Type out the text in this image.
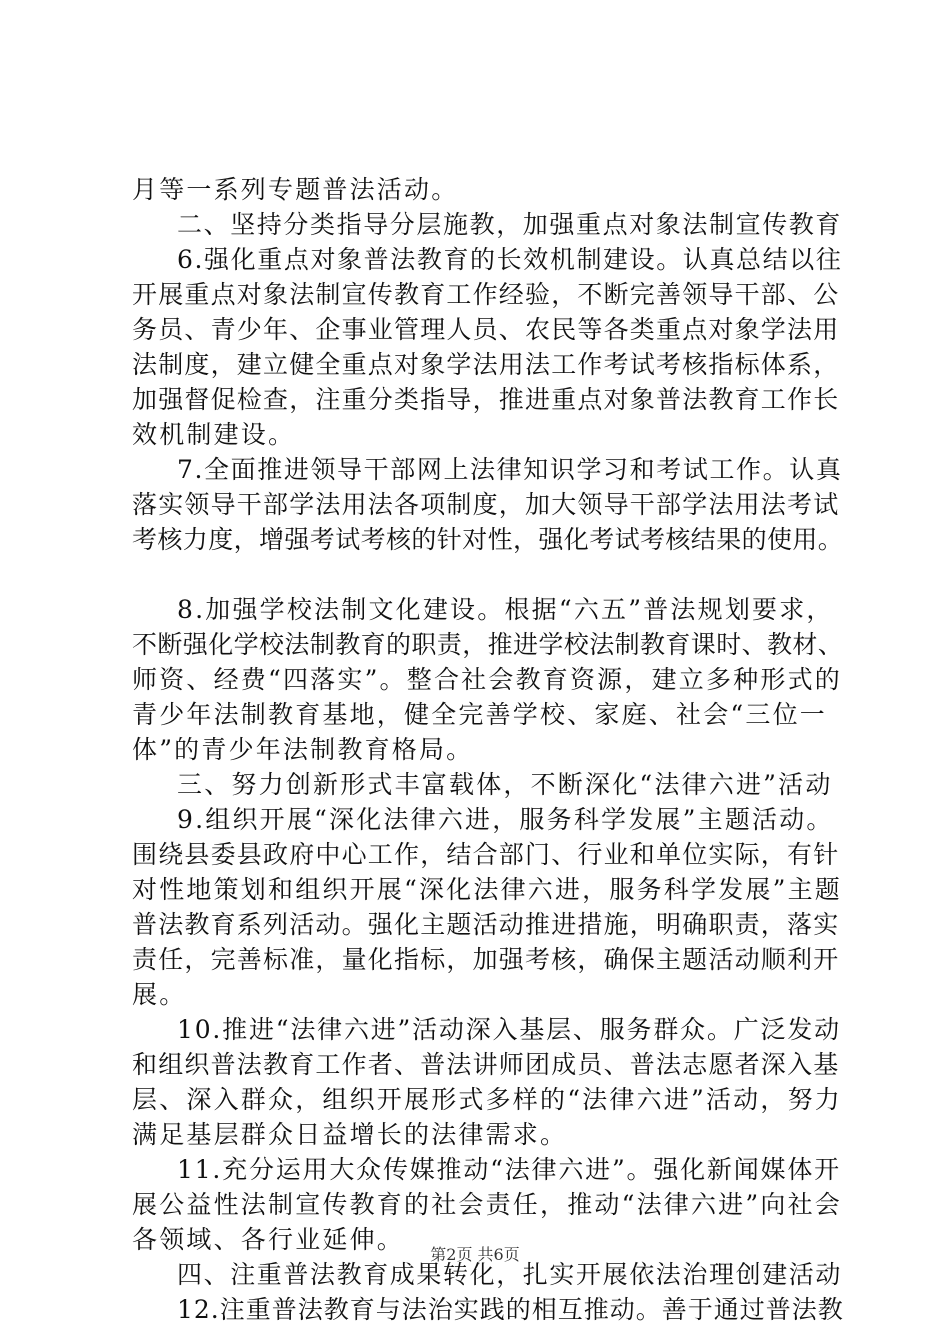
月等一系列专题普法活动。
二、坚持分类指导分层施教，加强重点对象法制宣传教育
6.强化重点对象普法教育的长效机制建设。认真总结以往
开展重点对象法制宣传教育工作经验，不断完善领导干部、公
务员、青少年、企事业管理人员、农民等各类重点对象学法用
法制度，建立健全重点对象学法用法工作考试考核指标体系，
加强督促检查，注重分类指导，推进重点对象普法教育工作长
效机制建设。
7.全面推进领导干部网上法律知识学习和考试工作。认真
落实领导干部学法用法各项制度，加大领导干部学法用法考试
考核力度，增强考试考核的针对性，强化考试考核结果的使用。
8.加强学校法制文化建设。根据“六五”普法规划要求，
不断强化学校法制教育的职责，推进学校法制教育课时、教材、
师资、经费“四落实”。整合社会教育资源，建立多种形式的
青少年法制教育基地，健全完善学校、家庭、社会“三位一
体”的青少年法制教育格局。
三、努力创新形式丰富载体，不断深化“法律六进”活动
9.组织开展“深化法律六进，服务科学发展”主题活动。
围绕县委县政府中心工作，结合部门、行业和单位实际，有针
对性地策划和组织开展“深化法律六进，服务科学发展”主题
普法教育系列活动。强化主题活动推进措施，明确职责，落实
责任，完善标准，量化指标，加强考核，确保主题活动顺利开
展。
10.推进“法律六进”活动深入基层、服务群众。广泛发动
和组织普法教育工作者、普法讲师团成员、普法志愿者深入基
层、深入群众，组织开展形式多样的“法律六进”活动，努力
满足基层群众日益增长的法律需求。
11.充分运用大众传媒推动“法律六进”。强化新闻媒体开
展公益性法制宣传教育的社会责任，推动“法律六进”向社会
各领域、各行业延伸。
四、注重普法教育成果转化，扎实开展依法治理创建活动
12.注重普法教育与法治实践的相互推动。善于通过普法教
第2页 共6页
